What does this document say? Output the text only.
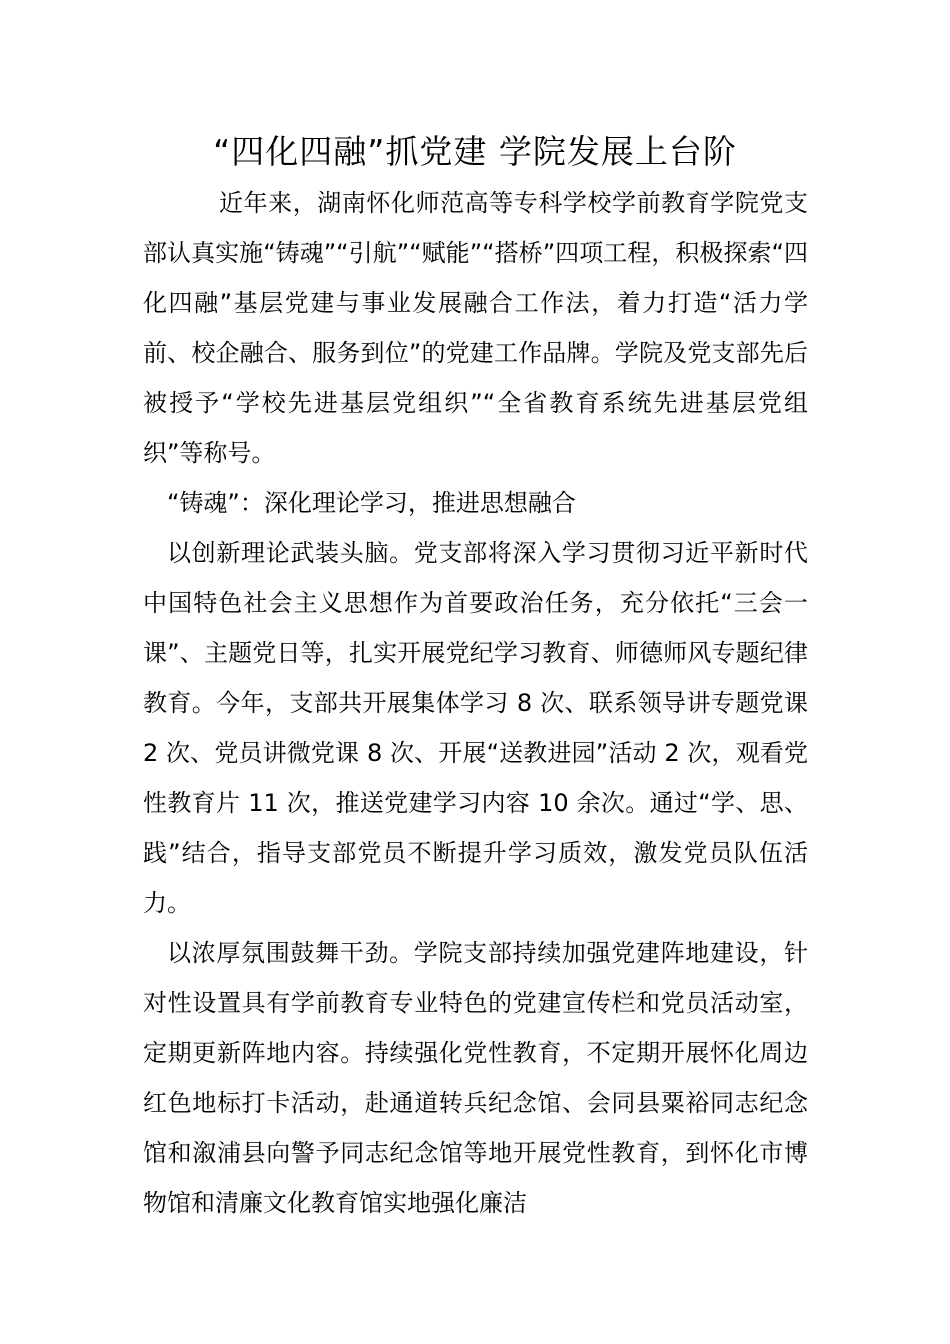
“四化四融”抓党建 学院发展上台阶

近年来，湖南怀化师范高等专科学校学前教育学院党支部认真实施“铸魂”“引航”“赋能”“搭桥”四项工程，积极探索“四化四融”基层党建与事业发展融合工作法，着力打造“活力学前、校企融合、服务到位”的党建工作品牌。学院及党支部先后被授予“学校先进基层党组织”“全省教育系统先进基层党组织”等称号。

“铸魂”：深化理论学习，推进思想融合

以创新理论武装头脑。党支部将深入学习贯彻习近平新时代中国特色社会主义思想作为首要政治任务，充分依托“三会一课”、主题党日等，扎实开展党纪学习教育、师德师风专题纪律教育。今年，支部共开展集体学习 8 次、联系领导讲专题党课 2 次、党员讲微党课 8 次、开展“送教进园”活动 2 次，观看党性教育片 11 次，推送党建学习内容 10 余次。通过“学、思、践”结合，指导支部党员不断提升学习质效，激发党员队伍活力。

以浓厚氛围鼓舞干劲。学院支部持续加强党建阵地建设，针对性设置具有学前教育专业特色的党建宣传栏和党员活动室，定期更新阵地内容。持续强化党性教育，不定期开展怀化周边红色地标打卡活动，赴通道转兵纪念馆、会同县粟裕同志纪念馆和溆浦县向警予同志纪念馆等地开展党性教育，到怀化市博物馆和清廉文化教育馆实地强化廉洁
